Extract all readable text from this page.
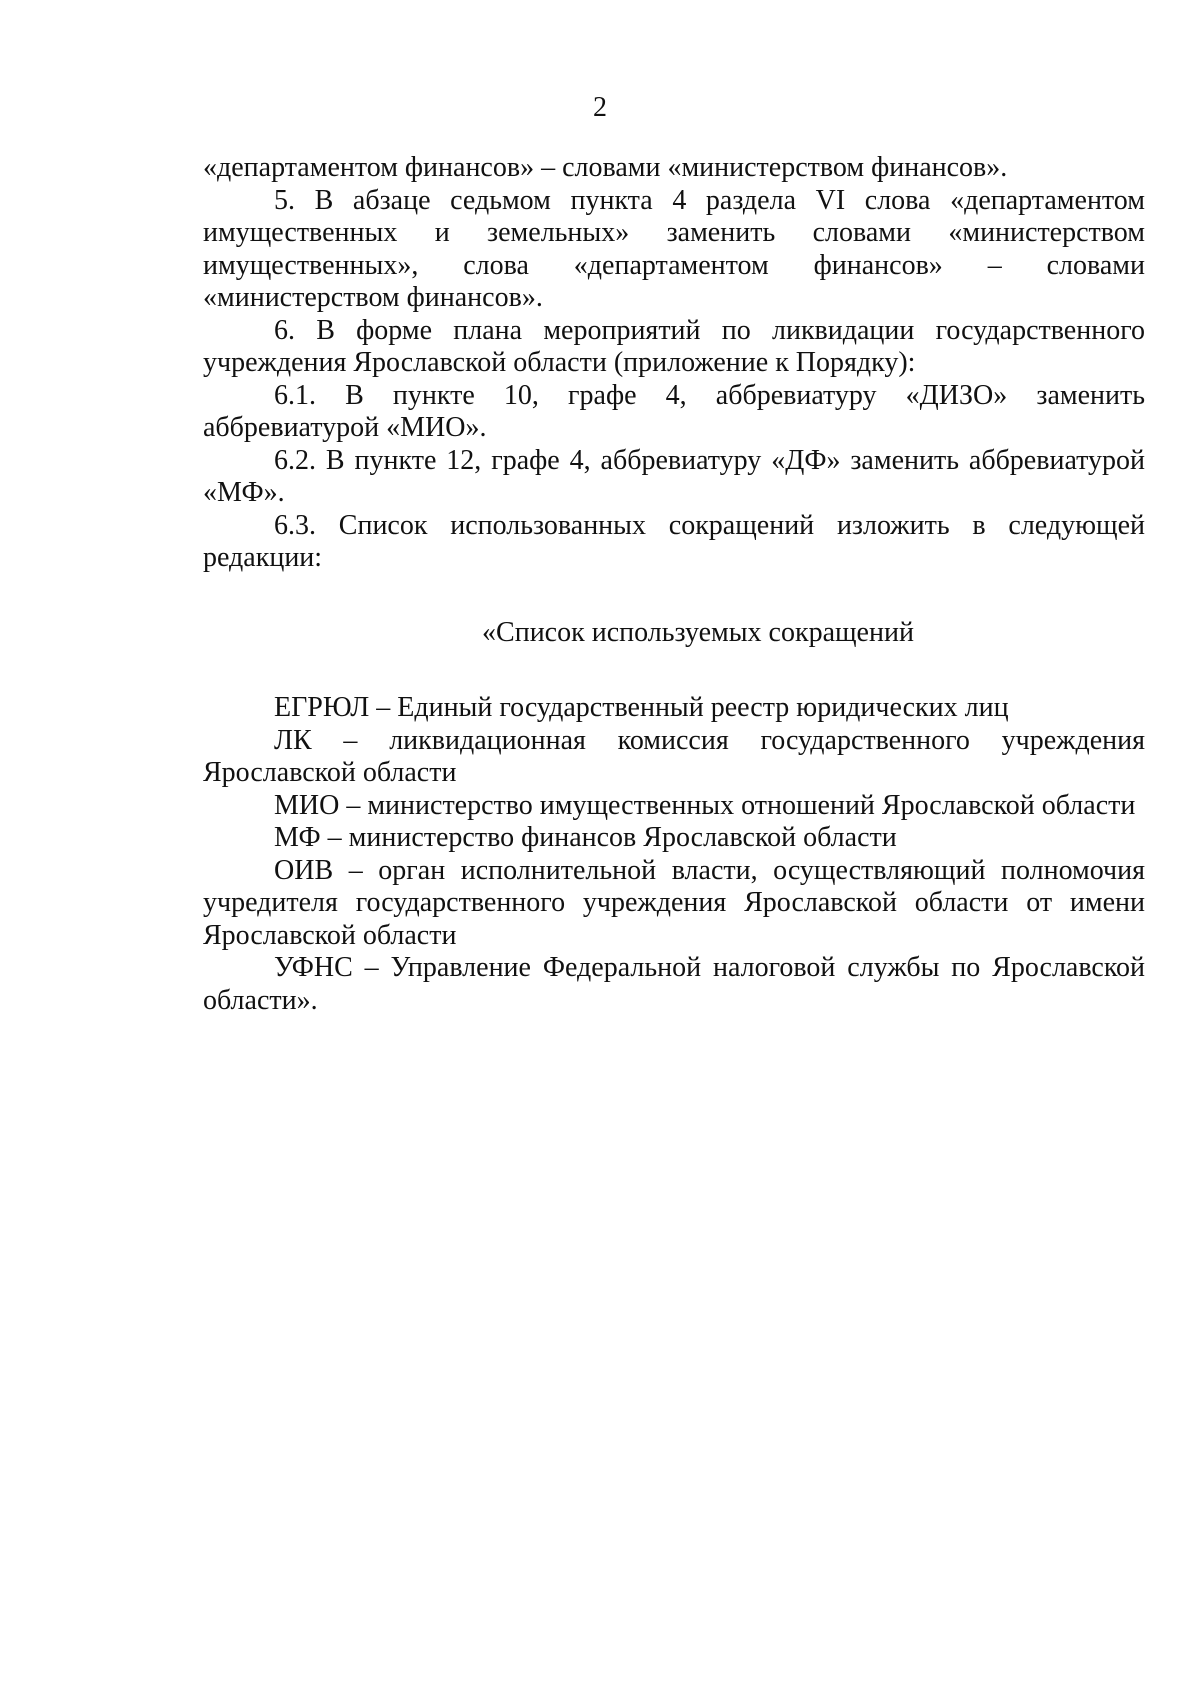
2

«департаментом финансов» – словами «министерством финансов».

5. В абзаце седьмом пункта 4 раздела VI слова «департаментом имущественных и земельных» заменить словами «министерством имущественных», слова «департаментом финансов» – словами «министерством финансов».

6. В форме плана мероприятий по ликвидации государственного учреждения Ярославской области (приложение к Порядку):

6.1. В пункте 10, графе 4, аббревиатуру «ДИЗО» заменить аббревиатурой «МИО».

6.2. В пункте 12, графе 4, аббревиатуру «ДФ» заменить аббревиатурой «МФ».

6.3. Список использованных сокращений изложить в следующей редакции:

«Список используемых сокращений

ЕГРЮЛ – Единый государственный реестр юридических лиц

ЛК – ликвидационная комиссия государственного учреждения Ярославской области

МИО – министерство имущественных отношений Ярославской области

МФ – министерство финансов Ярославской области

ОИВ – орган исполнительной власти, осуществляющий полномочия учредителя государственного учреждения Ярославской области от имени Ярославской области

УФНС – Управление Федеральной налоговой службы по Ярославской области».
